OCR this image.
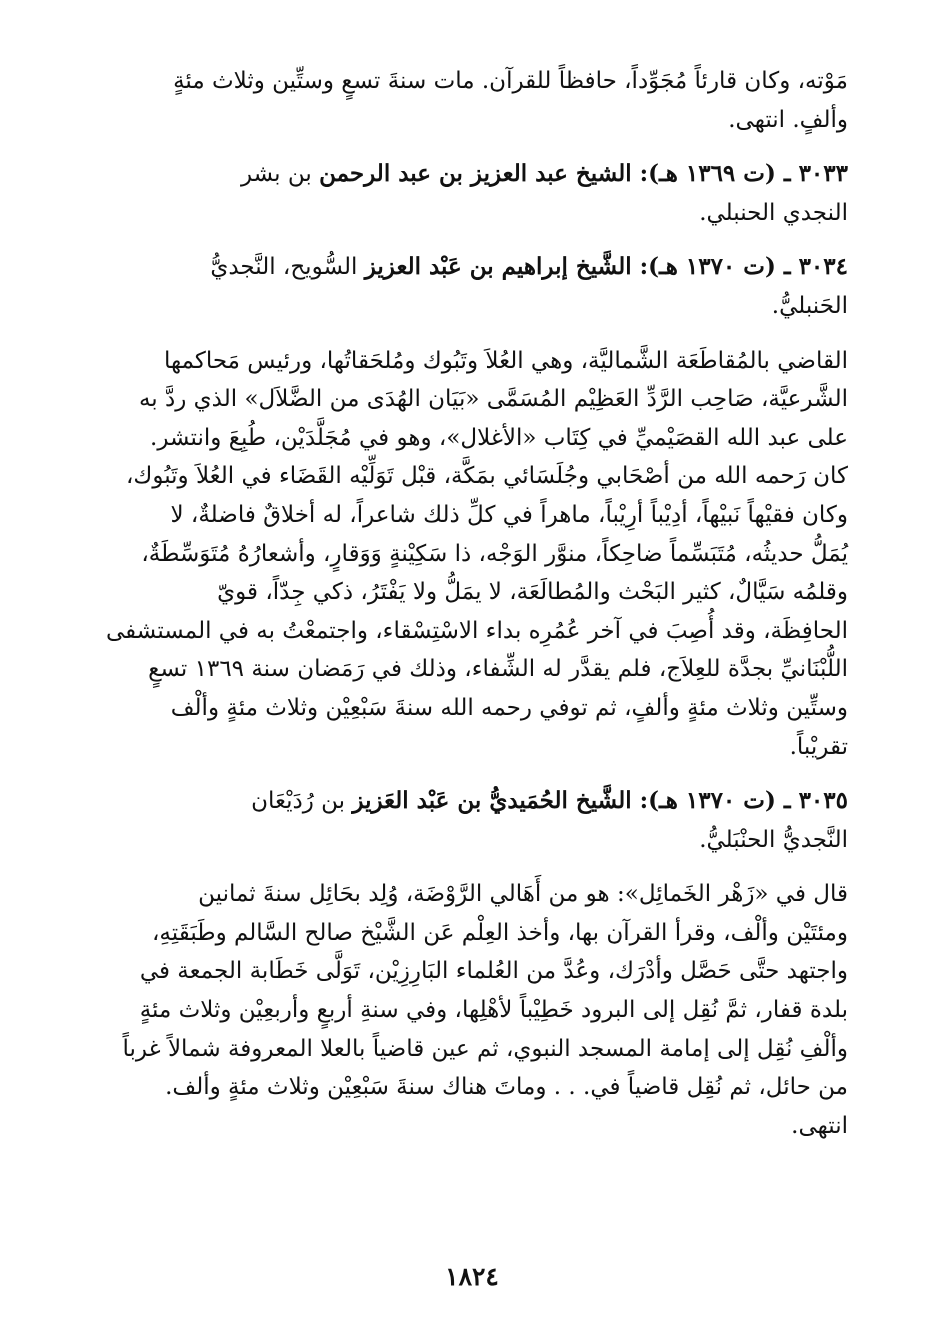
مَوْته، وكان قارئاً مُجَوِّداً، حافظاً للقرآن. مات سنةَ تسعٍ وستِّين وثلاث مئةٍ
وألفٍ. انتهى.
٣٠٣٣ ـ (ت ١٣٦٩ هـ): الشيخ عبد العزيز بن عبد الرحمن بن بشر
النجدي الحنبلي.
٣٠٣٤ ـ (ت ١٣٧٠ هـ): الشَّيخ إبراهيم بن عَبْد العزيز السُّويح، النَّجديُّ
الحَنبليُّ.
القاضي بالمُقاطَعَة الشَّماليَّة، وهي العُلاَ وتَبُوك ومُلحَقاتُها، ورئيس مَحاكمها
الشَّرعيَّة، صَاحِب الرَّدِّ العَظِيْم المُسَمَّى «بَيَان الهُدَى من الضَّلاَل» الذي ردَّ به
على عبد الله القصَيْميِّ في كِتَاب «الأغلال»، وهو في مُجَلَّدَيْن، طُبِعَ وانتشر.
كان رَحمه الله من أصْحَابي وجُلَسَائي بمَكَّة، قبْل تَوَلِّيْه القَضَاء في العُلاَ وتَبُوك،
وكان فقيْهاً نَبيْهاً، أدِيْباً أرِيْباً، ماهراً في كلِّ ذلك شاعراً، له أخلاقٌ فاضلةٌ، لا
يُمَلُّ حديثُه، مُتَبَسِّماً ضاحِكاً، منوَّر الوَجْه، ذا سَكِيْنةٍ وَوَقارٍ، وأشعارُهُ مُتَوَسِّطَةٌ،
وقلمُه سَيَّالٌ، كثير البَحْث والمُطالَعَة، لا يمَلُّ ولا يَفْتَرُ، ذكي جِدّاً، قويّ
الحافِظَة، وقد أُصِبَ في آخر عُمُرِه بداء الاسْتِسْقاء، واجتمعْتُ به في المستشفى
اللُّبْنَانيِّ بجدَّة للعِلاَج، فلم يقدَّر له الشِّفاء، وذلك في رَمَضان سنة ١٣٦٩ تسعٍ
وستِّين وثلاث مئةٍ وألفٍ، ثم توفي رحمه الله سنةَ سَبْعِيْن وثلاث مئةٍ وألْف
تقريْباً.
٣٠٣٥ ـ (ت ١٣٧٠ هـ): الشَّيخ الحُمَيديُّ بن عَبْد العَزيز بن رُدَيْعَان
النَّجديُّ الحنْبَليُّ.
قال في «زَهْر الخَمائِل»: هو من أَهَالي الرَّوْضَة، وُلِد بحَائِل سنةَ ثمانين
ومئتَيْن وألْف، وقرأ القرآن بها، وأخذ العِلْم عَن الشَّيْخ صالح السَّالم وطَبَقَتِهِ،
واجتهد حتَّى حَصَّل وأدْرَك، وعُدَّ من العُلماء البَارِزِيْن، تَوَلَّى خَطَابة الجمعة في
بلدة قفار، ثمَّ نُقِل إلى البرود خَطِيْباً لأهْلِها، وفي سنةِ أربعٍ وأربعِيْن وثلاث مئةٍ
وألْفِ نُقِل إلى إمامة المسجد النبوي، ثم عين قاضياً بالعلا المعروفة شمالاً غرباً
من حائل، ثم نُقِل قاضياً في. . . وماتَ هناك سنةَ سَبْعِيْن وثلاث مئةٍ وألف.
انتهى.
١٨٢٤
